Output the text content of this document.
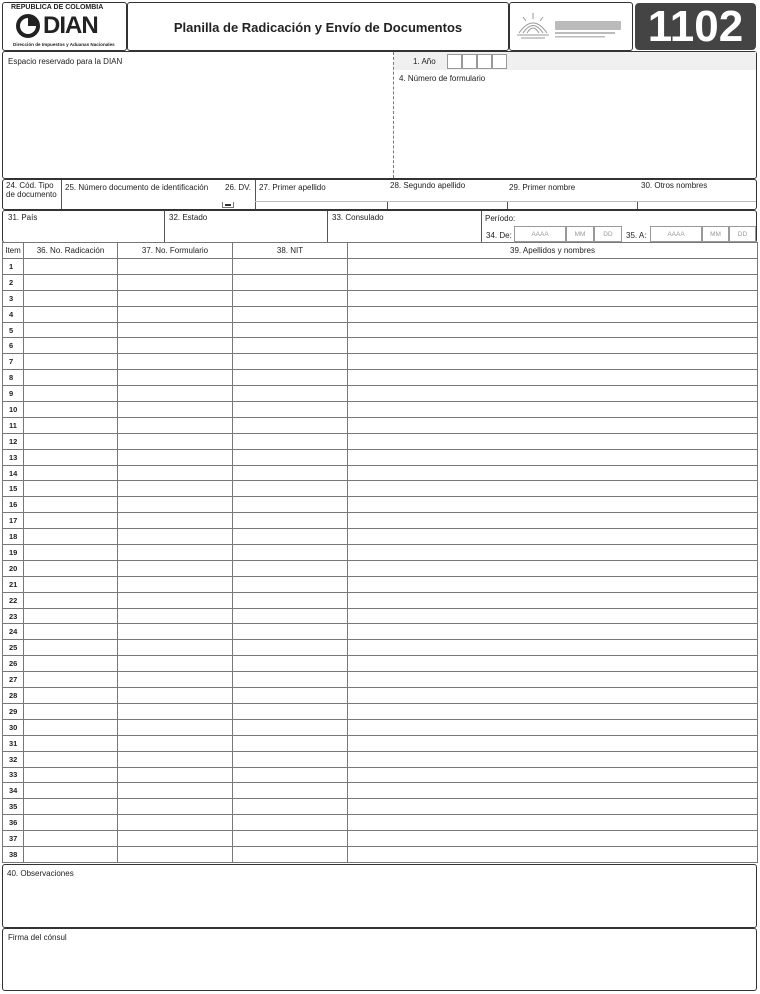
REPUBLICA DE COLOMBIA
DIAN
Dirección de Impuestos y Aduanas Nacionales
Planilla de Radicación y Envío de Documentos	1102
Espacio reservado para la DIAN	1. Año
4. Número de formulario
24. Cód. Tipo de documento
25. Número documento de identificación 26. DV. 27. Primer apellido	28. Segundo apellido	29. Primer nombre	30. Otros nombres
31. País	32. Estado	33. Consulado	Período:
34. De:	AAAA	MM	DD	35. A:	AAAA	MM	DD
Item	36. No. Radicación	37. No. Formulario	38. NIT	39. Apellidos y nombres
1				
2				
3				
4				
5				
6				
7				
8				
9				
10				
11				
12				
13				
14				
15				
16				
17				
18				
19				
20				
21				
22				
23				
24				
25				
26				
27				
28				
29				
30				
31				
32				
33				
34				
35				
36				
37				
38				
40. Observaciones
Firma del cónsul
